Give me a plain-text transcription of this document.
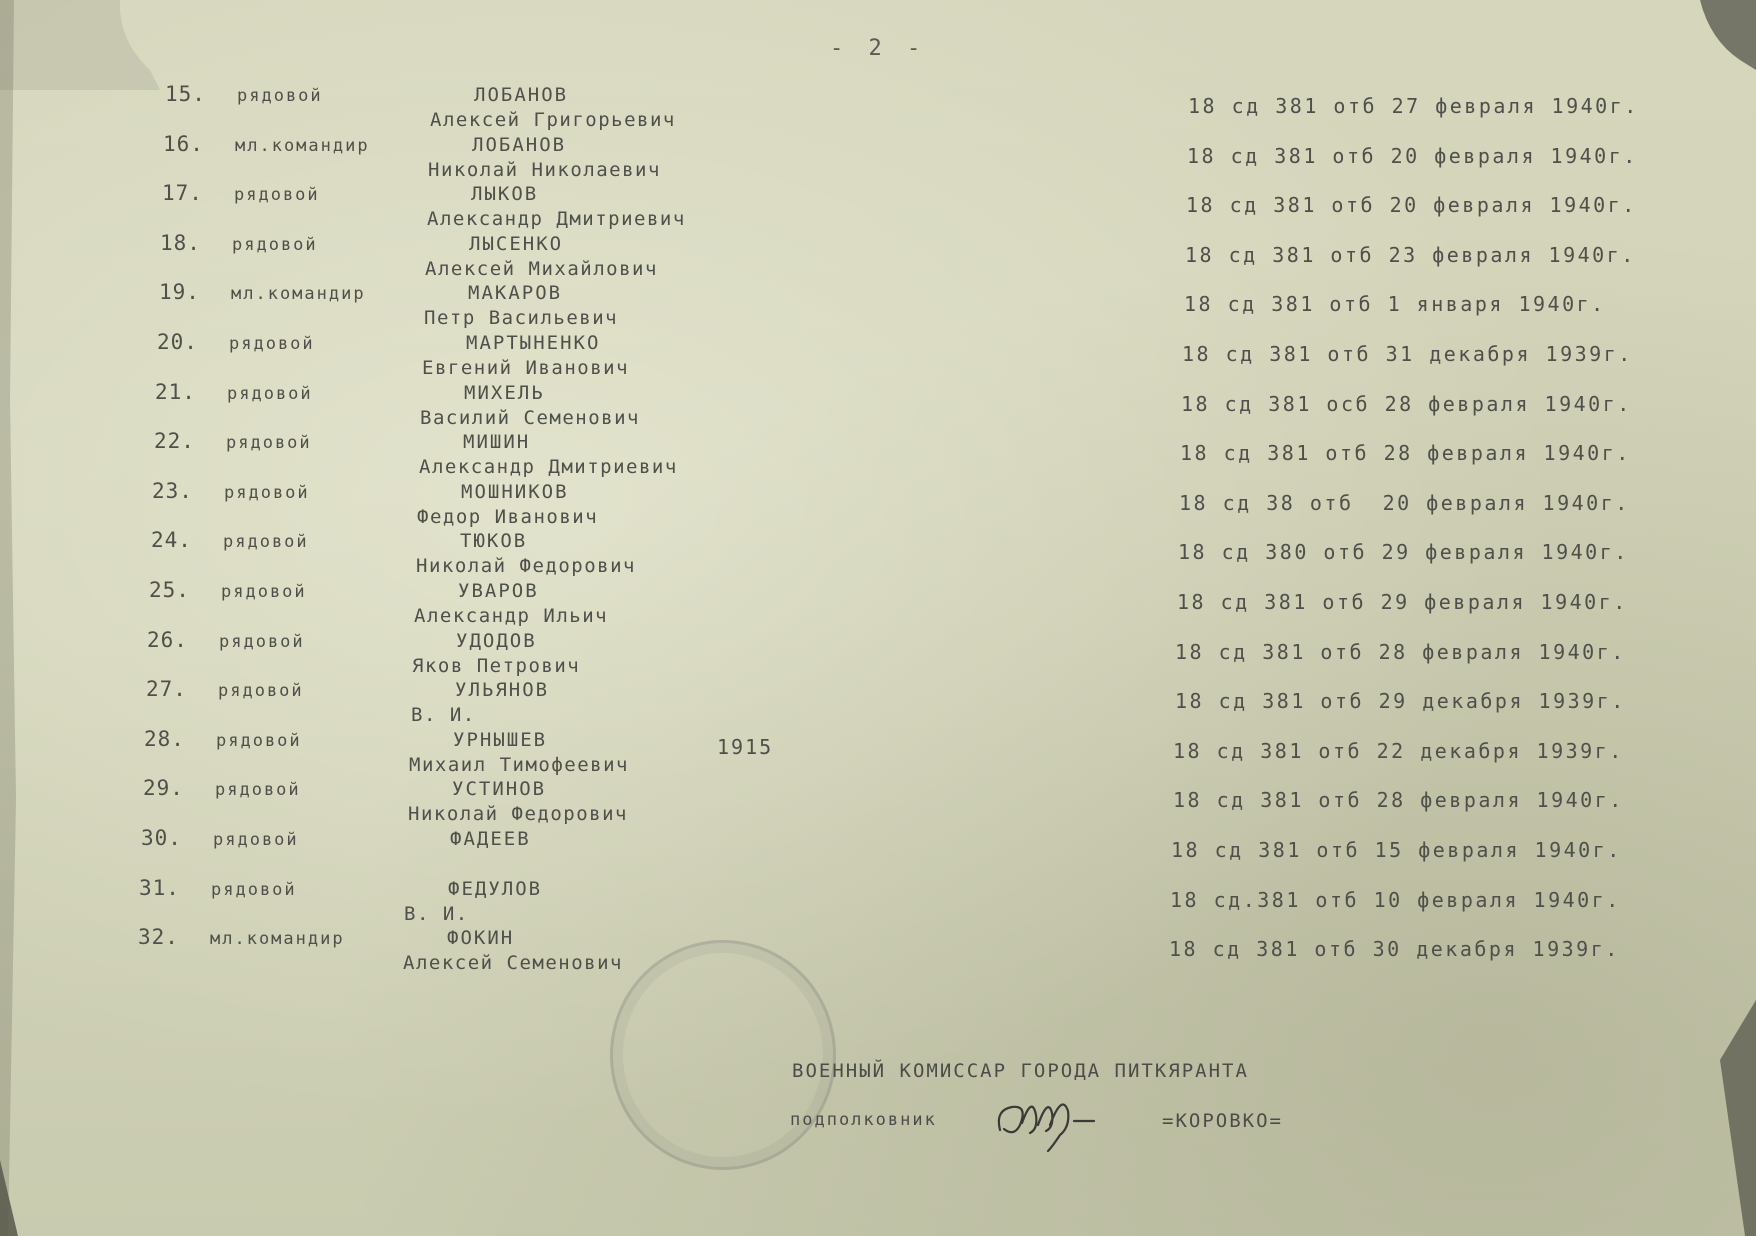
- 2 -
15. рядовой	ЛОБАНОВ
Алексей Григорьевич
18 сд 381 отб 27 февраля 1940г.
16. мл.командир	ЛОБАНОВ
Николай Николаевич
18 сд 381 отб 20 февраля 1940г.
17. рядовой	ЛЫКОВ
Александр Дмитриевич
18 сд 381 отб 20 февраля 1940г.
18. рядовой	ЛЫСЕНКО
Алексей Михайлович
18 сд 381 отб 23 февраля 1940г.
19. мл.командир	МАКАРОВ
Петр Васильевич
18 сд 381 отб 1 января 1940г.
20. рядовой	МАРТЫНЕНКО
Евгений Иванович
18 сд 381 отб 31 декабря 1939г.
21. рядовой	МИХЕЛЬ
Василий Семенович
18 сд 381 осб 28 февраля 1940г.
22. рядовой	МИШИН
Александр Дмитриевич
18 сд 381 отб 28 февраля 1940г.
23. рядовой	МОШНИКОВ
Федор Иванович
18 сд 38 отб  20 февраля 1940г.
24. рядовой	ТЮКОВ
Николай Федорович
18 сд 380 отб 29 февраля 1940г.
25. рядовой	УВАРОВ
Александр Ильич
18 сд 381 отб 29 февраля 1940г.
26. рядовой	УДОДОВ
Яков Петрович
18 сд 381 отб 28 февраля 1940г.
27. рядовой	УЛЬЯНОВ
В. И.
18 сд 381 отб 29 декабря 1939г.
28. рядовой	УРНЫШЕВ
Михаил Тимофеевич
1915	18 сд 381 отб 22 декабря 1939г.
29. рядовой	УСТИНОВ
Николай Федорович
18 сд 381 отб 28 февраля 1940г.
30. рядовой	ФАДЕЕВ	18 сд 381 отб 15 февраля 1940г.
31. рядовой	ФЕДУЛОВ
В. И.
18 сд.381 отб 10 февраля 1940г.
32. мл.командир	ФОКИН
Алексей Семенович
18 сд 381 отб 30 декабря 1939г.
ВОЕННЫЙ КОМИССАР ГОРОДА ПИТКЯРАНТА
подполковник	=КОРОВКО=
